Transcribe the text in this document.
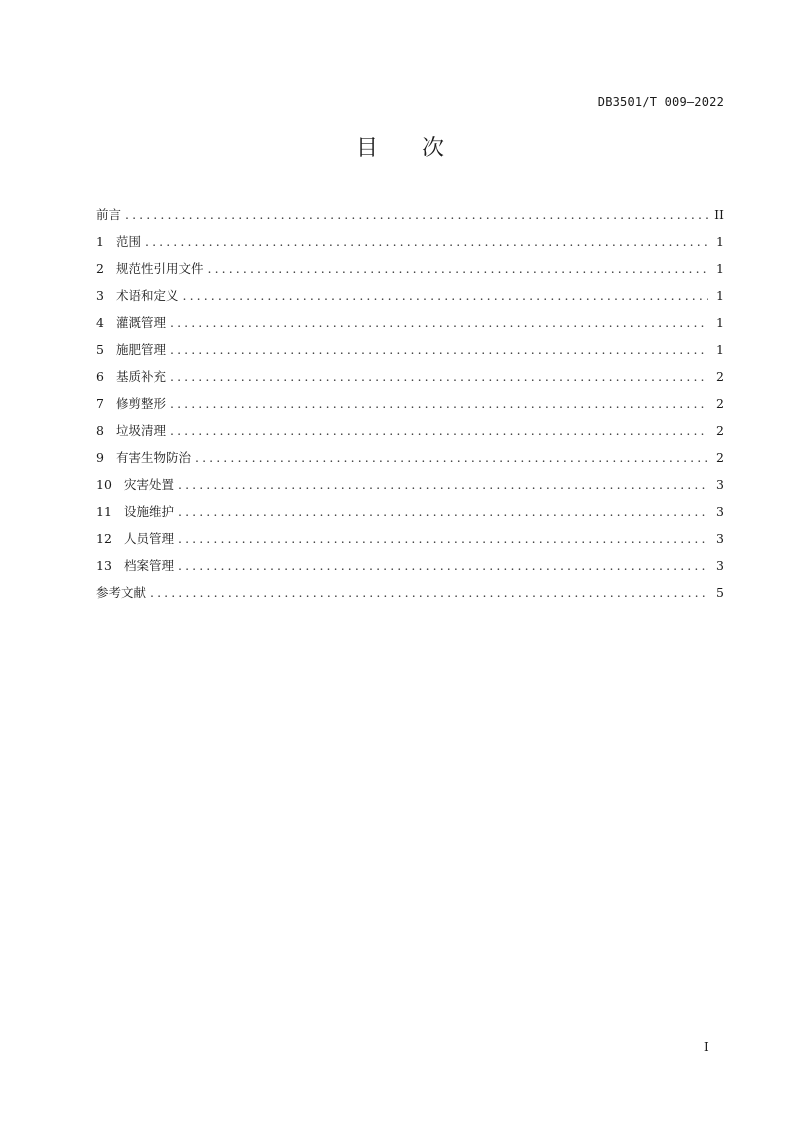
DB3501/T 009—2022
目 次
前言 .....	II
1 范围 .....	1
2 规范性引用文件 .....	1
3 术语和定义 .....	1
4 灌溉管理 .....	1
5 施肥管理 .....	1
6 基质补充 .....	2
7 修剪整形 .....	2
8 垃圾清理 .....	2
9 有害生物防治 .....	2
10 灾害处置 .....	3
11 设施维护 .....	3
12 人员管理 .....	3
13 档案管理 .....	3
参考文献 .....	5
I
